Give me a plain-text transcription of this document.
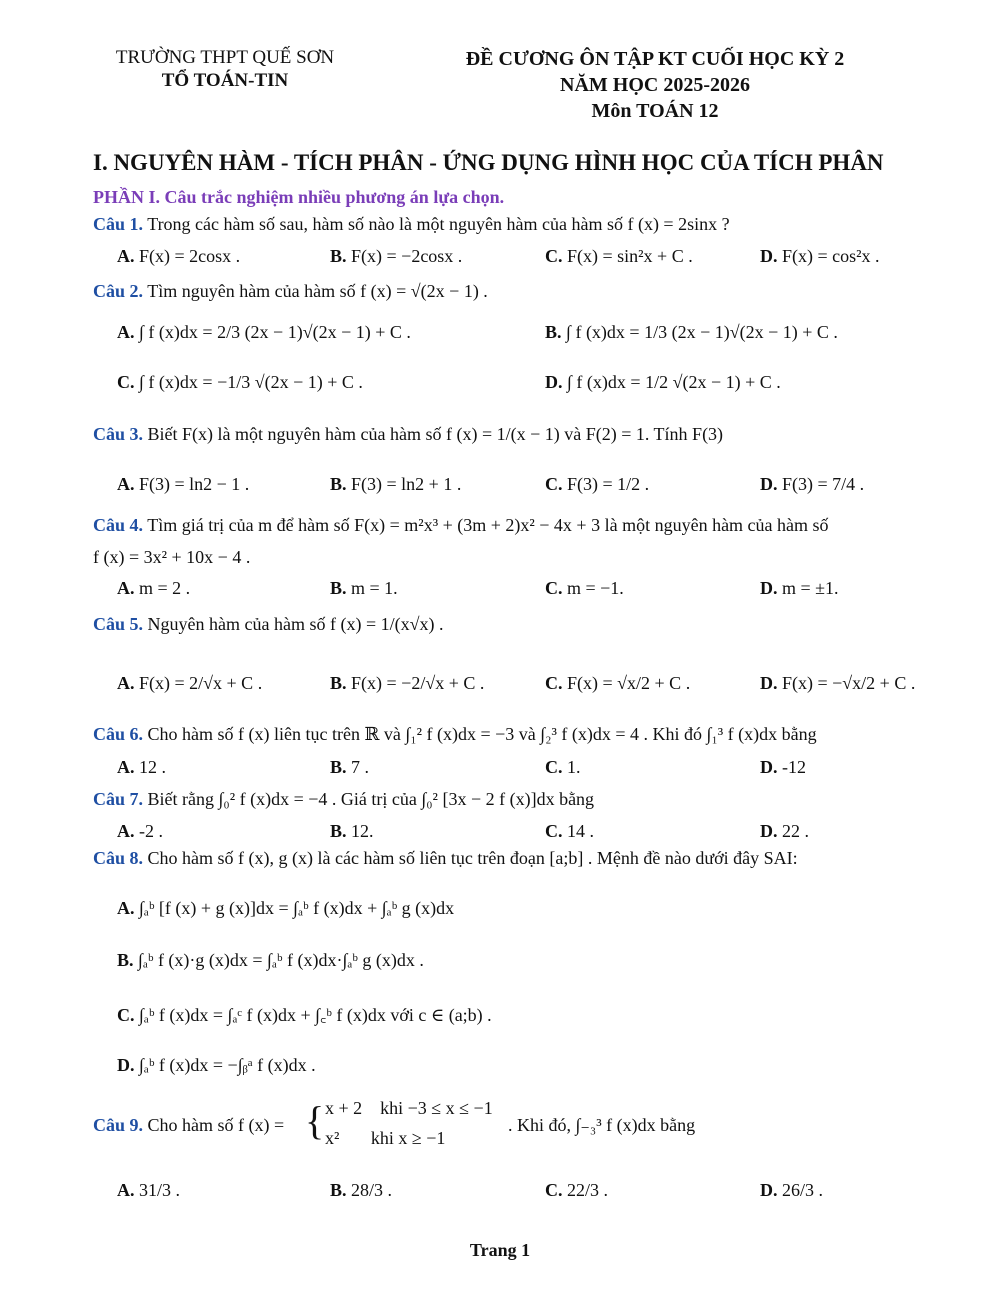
TRƯỜNG THPT QUẾ SƠN
TỔ TOÁN-TIN
ĐỀ CƯƠNG ÔN TẬP KT CUỐI HỌC KỲ 2
NĂM HỌC 2025-2026
Môn TOÁN 12
I. NGUYÊN HÀM - TÍCH PHÂN - ỨNG DỤNG HÌNH HỌC CỦA TÍCH PHÂN
PHẦN I. Câu trắc nghiệm nhiều phương án lựa chọn.
Câu 1. Trong các hàm số sau, hàm số nào là một nguyên hàm của hàm số f (x) = 2sinx ?
A. F(x) = 2cosx .	B. F(x) = −2cosx .	C. F(x) = sin²x + C .	D. F(x) = cos²x .
Câu 2. Tìm nguyên hàm của hàm số f (x) = √(2x − 1) .
A. ∫ f (x)dx = 2/3 (2x − 1)√(2x − 1) + C .	B. ∫ f (x)dx = 1/3 (2x − 1)√(2x − 1) + C .
C. ∫ f (x)dx = −1/3 √(2x − 1) + C .	D. ∫ f (x)dx = 1/2 √(2x − 1) + C .
Câu 3. Biết F(x) là một nguyên hàm của hàm số f (x) = 1/(x − 1) và F(2) = 1. Tính F(3)
A. F(3) = ln2 − 1 .	B. F(3) = ln2 + 1 .	C. F(3) = 1/2 .	D. F(3) = 7/4 .
Câu 4. Tìm giá trị của m để hàm số F(x) = m²x³ + (3m + 2)x² − 4x + 3 là một nguyên hàm của hàm số
f (x) = 3x² + 10x − 4 .
A. m = 2 .	B. m = 1.	C. m = −1.	D. m = ±1.
Câu 5. Nguyên hàm của hàm số f (x) = 1/(x√x) .
A. F(x) = 2/√x + C .	B. F(x) = −2/√x + C .	C. F(x) = √x/2 + C .	D. F(x) = −√x/2 + C .
Câu 6. Cho hàm số f (x) liên tục trên ℝ và ∫₁² f (x)dx = −3 và ∫₂³ f (x)dx = 4 . Khi đó ∫₁³ f (x)dx bằng
A. 12 .	B. 7 .	C. 1.	D. -12
Câu 7. Biết rằng ∫₀² f (x)dx = −4 . Giá trị của ∫₀² [3x − 2 f (x)]dx bằng
A. -2 .	B. 12.	C. 14 .	D. 22 .
Câu 8. Cho hàm số f (x), g (x) là các hàm số liên tục trên đoạn [a;b] . Mệnh đề nào dưới đây SAI:
A. ∫ₐᵇ [f (x) + g (x)]dx = ∫ₐᵇ f (x)dx + ∫ₐᵇ g (x)dx
B. ∫ₐᵇ f (x)·g (x)dx = ∫ₐᵇ f (x)dx·∫ₐᵇ g (x)dx .
C. ∫ₐᵇ f (x)dx = ∫ₐᶜ f (x)dx + ∫꜀ᵇ f (x)dx với c ∈ (a;b) .
D. ∫ₐᵇ f (x)dx = −∫ᵦᵃ f (x)dx .
Câu 9. Cho hàm số f (x) = { x + 2    khi −3 ≤ x ≤ −1
x²       khi x ≥ −1
. Khi đó, ∫₋₃³ f (x)dx bằng
A. 31/3 .	B. 28/3 .	C. 22/3 .	D. 26/3 .
Trang 1
